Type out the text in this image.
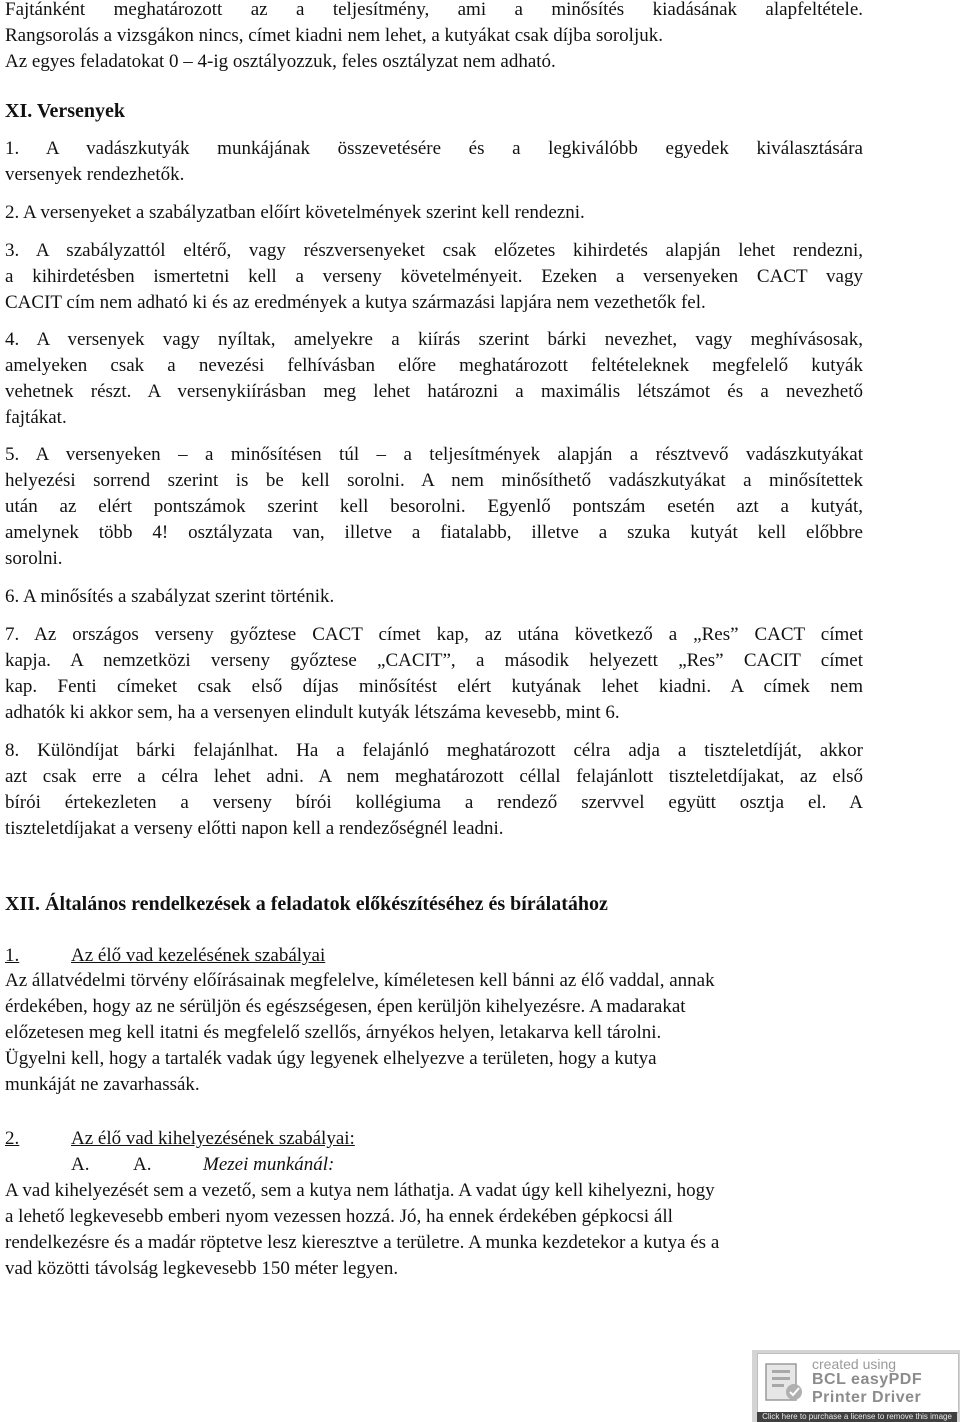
Fajtánként meghatározott az a teljesítmény, ami a minősítés kiadásának alapfeltétele.
Rangsorolás a vizsgákon nincs, címet kiadni nem lehet, a kutyákat csak díjba soroljuk.
Az egyes feladatokat 0 – 4-ig osztályozzuk, feles osztályzat nem adható.
XI. Versenyek
1. A vadászkutyák munkájának összevetésére és a legkiválóbb egyedek kiválasztására
versenyek rendezhetők.
2. A versenyeket a szabályzatban előírt követelmények szerint kell rendezni.
3. A szabályzattól eltérő, vagy részversenyeket csak előzetes kihirdetés alapján lehet rendezni,
a kihirdetésben ismertetni kell a verseny követelményeit. Ezeken a versenyeken CACT vagy
CACIT cím nem adható ki és az eredmények a kutya származási lapjára nem vezethetők fel.
4. A versenyek vagy nyíltak, amelyekre a kiírás szerint bárki nevezhet, vagy meghívásosak,
amelyeken csak a nevezési felhívásban előre meghatározott feltételeknek megfelelő kutyák
vehetnek részt. A versenykiírásban meg lehet határozni a maximális létszámot és a nevezhető
fajtákat.
5. A versenyeken – a minősítésen túl – a teljesítmények alapján a résztvevő vadászkutyákat
helyezési sorrend szerint is be kell sorolni. A nem minősíthető vadászkutyákat a minősítettek
után az elért pontszámok szerint kell besorolni. Egyenlő pontszám esetén azt a kutyát,
amelynek több 4! osztályzata van, illetve a fiatalabb, illetve a szuka kutyát kell előbbre
sorolni.
6. A minősítés a szabályzat szerint történik.
7. Az országos verseny győztese CACT címet kap, az utána következő a „Res” CACT címet
kapja. A nemzetközi verseny győztese „CACIT”, a második helyezett „Res” CACIT címet
kap. Fenti címeket csak első díjas minősítést elért kutyának lehet kiadni. A címek nem
adhatók ki akkor sem, ha a versenyen elindult kutyák létszáma kevesebb, mint 6.
8. Különdíjat bárki felajánlhat. Ha a felajánló meghatározott célra adja a tiszteletdíját, akkor
azt csak erre a célra lehet adni. A nem meghatározott céllal felajánlott tiszteletdíjakat, az első
bírói értekezleten a verseny bírói kollégiuma a rendező szervvel együtt osztja el. A
tiszteletdíjakat a verseny előtti napon kell a rendezőségnél leadni.
XII. Általános rendelkezések a feladatok előkészítéséhez és bírálatához
1.	Az élő vad kezelésének szabályai
Az állatvédelmi törvény előírásainak megfelelve, kíméletesen kell bánni az élő vaddal, annak
érdekében, hogy az ne sérüljön és egészségesen, épen kerüljön kihelyezésre. A madarakat
előzetesen meg kell itatni és megfelelő szellős, árnyékos helyen, letakarva kell tárolni.
Ügyelni kell, hogy a tartalék vadak úgy legyenek elhelyezve a területen, hogy a kutya
munkáját ne zavarhassák.
2.	Az élő vad kihelyezésének szabályai:
A. A.	Mezei munkánál:
A vad kihelyezését sem a vezető, sem a kutya nem láthatja. A vadat úgy kell kihelyezni, hogy
a lehető legkevesebb emberi nyom vezessen hozzá. Jó, ha ennek érdekében gépkocsi áll
rendelkezésre és a madár röptetve lesz kieresztve a területre. A munka kezdetekor a kutya és a
vad közötti távolság legkevesebb 150 méter legyen.
created using
BCL easyPDF
Printer Driver
Click here to purchase a license to remove this image
